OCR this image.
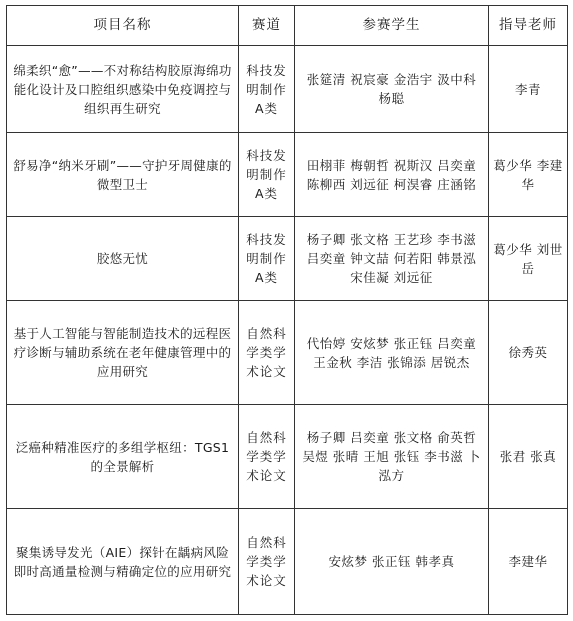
项目名称	赛道	参赛学生	指导老师
绵柔织“愈”——不对称结构胶原海绵功能化设计及口腔组织感染中免疫调控与组织再生研究	科技发明制作A类	张筵清 祝宸豪 金浩宇 汲中科 杨聪	李青
舒易净“纳米牙刷”——守护牙周健康的微型卫士	科技发明制作A类	田栩菲 梅朝哲 祝斯汉 吕奕童 陈柳西 刘远征 柯淏睿 庄涵铭	葛少华 李建华
胶悠无忧	科技发明制作A类	杨子卿 张文格 王艺珍 李书滋 吕奕童 钟文喆 何若阳 韩景泓 宋佳凝 刘远征	葛少华 刘世岳
基于人工智能与智能制造技术的远程医疗诊断与辅助系统在老年健康管理中的应用研究	自然科学类学术论文	代怡婷 安炫梦 张正钰 吕奕童 王金秋 李洁 张锦添 居锐杰	徐秀英
泛癌种精准医疗的多组学枢纽：TGS1的全景解析	自然科学类学术论文	杨子卿 吕奕童 张文格 俞英哲 吴煜 张晴 王旭 张钰 李书滋 卜泓方	张君 张真
聚集诱导发光（AIE）探针在龋病风险即时高通量检测与精确定位的应用研究	自然科学类学术论文	安炫梦 张正钰 韩孝真	李建华
